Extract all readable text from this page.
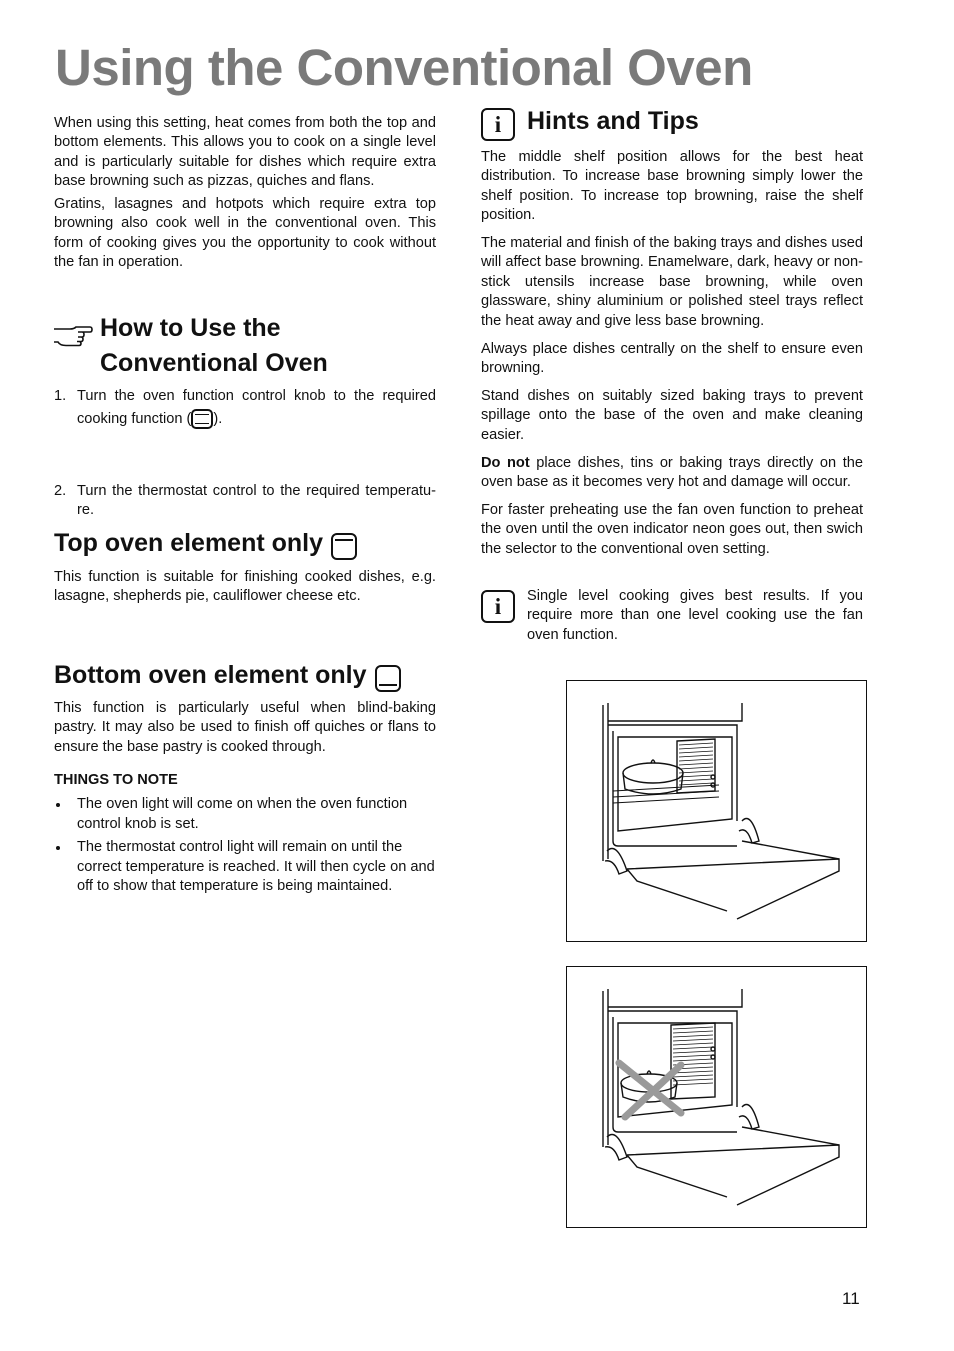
Using the Conventional Oven

When using this setting, heat comes from both the top and bottom elements. This allows you to cook on a single level and is particularly suitable for dishes which require extra base browning such as pizzas, quiches and flans.

Gratins, lasagnes and hotpots which require extra top browning also cook well in the conventional oven. This form of cooking gives you the opportunity to cook without the fan in operation.

How to Use the
Conventional Oven
1. Turn the oven function control knob to the required cooking function ( ).
2. Turn the thermostat control to the required temperatu- re.
Top oven element only

This function is suitable for finishing cooked dishes, e.g. lasagne, shepherds pie, cauliflower cheese etc.

Bottom oven element only

This function is particularly useful when blind-baking pastry. It may also be used to finish off quiches or flans to ensure the base pastry is cooked through.

THINGS TO NOTE
The oven light will come on when the oven function control knob is set.
The thermostat control light will remain on until the correct temperature is reached. It will then cycle on and off to show that temperature is being maintained.
i	Hints and Tips

The middle shelf position allows for the best heat distribution. To increase base browning simply lower the shelf position. To increase top browning, raise the shelf position.

The material and finish of the baking trays and dishes used will affect base browning. Enamelware, dark, heavy or non-stick utensils increase base browning, while oven glassware, shiny aluminium or polished steel trays reflect the heat away and give less base browning.

Always place dishes centrally on the shelf to ensure even browning.

Stand dishes on suitably sized baking trays to prevent spillage onto the base of the oven and make cleaning easier.

Do not place dishes, tins or baking trays directly on the oven base as it becomes very hot and damage will occur.

For faster preheating use the fan oven function to preheat the oven until the oven indicator neon goes out, then swich the selector to the conventional oven setting.

i	Single level cooking gives best results. If you require more than one level cooking use the fan oven function.

11
